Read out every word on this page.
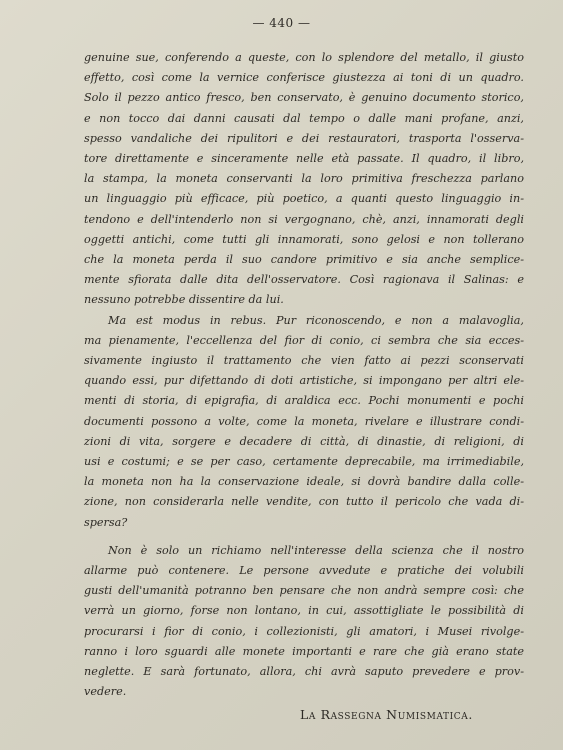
— 440 —
genuine sue, conferendo a queste, con lo splendore del metallo, il giusto
effetto, così come la vernice conferisce giustezza ai toni di un quadro.
Solo il pezzo antico fresco, ben conservato, è genuino documento storico,
e non tocco dai danni causati dal tempo o dalle mani profane, anzi,
spesso vandaliche dei ripulitori e dei restauratori, trasporta l'osserva-
tore direttamente e sinceramente nelle età passate. Il quadro, il libro,
la stampa, la moneta conservanti la loro primitiva freschezza parlano
un linguaggio più efficace, più poetico, a quanti questo linguaggio in-
tendono e dell'intenderlo non si vergognano, chè, anzi, innamorati degli
oggetti antichi, come tutti gli innamorati, sono gelosi e non tollerano
che la moneta perda il suo candore primitivo e sia anche semplice-
mente sfiorata dalle dita dell'osservatore. Così ragionava il Salinas: e
nessuno potrebbe dissentire da lui.
Ma est modus in rebus. Pur riconoscendo, e non a malavoglia,
ma pienamente, l'eccellenza del fior di conio, ci sembra che sia ecces-
sivamente ingiusto il trattamento che vien fatto ai pezzi sconservati
quando essi, pur difettando di doti artistiche, si impongano per altri ele-
menti di storia, di epigrafia, di araldica ecc. Pochi monumenti e pochi
documenti possono a volte, come la moneta, rivelare e illustrare condi-
zioni di vita, sorgere e decadere di città, di dinastie, di religioni, di
usi e costumi; e se per caso, certamente deprecabile, ma irrimediabile,
la moneta non ha la conservazione ideale, si dovrà bandire dalla colle-
zione, non considerarla nelle vendite, con tutto il pericolo che vada di-
spersa?
Non è solo un richiamo nell'interesse della scienza che il nostro
allarme può contenere. Le persone avvedute e pratiche dei volubili
gusti dell'umanità potranno ben pensare che non andrà sempre così: che
verrà un giorno, forse non lontano, in cui, assottigliate le possibilità di
procurarsi i fior di conio, i collezionisti, gli amatori, i Musei rivolge-
ranno i loro sguardi alle monete importanti e rare che già erano state
neglette. E sarà fortunato, allora, chi avrà saputo prevedere e prov-
vedere.
La Rassegna Numismatica.
